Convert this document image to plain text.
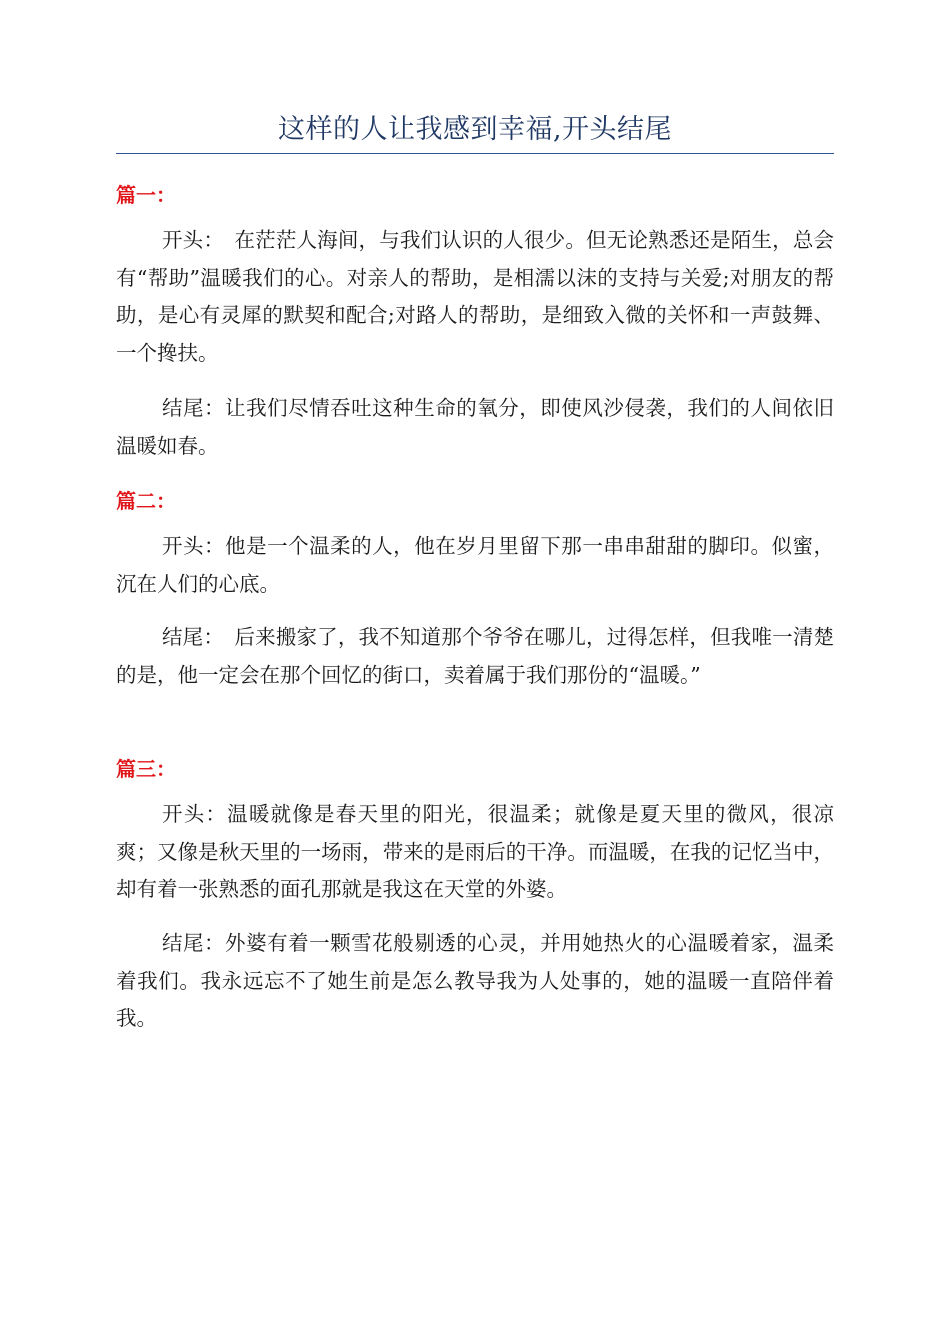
这样的人让我感到幸福,开头结尾
篇一：
开头：　在茫茫人海间，与我们认识的人很少。但无论熟悉还是陌生，总会有“帮助”温暖我们的心。对亲人的帮助，是相濡以沫的支持与关爱;对朋友的帮助，是心有灵犀的默契和配合;对路人的帮助，是细致入微的关怀和一声鼓舞、一个搀扶。
结尾：让我们尽情吞吐这种生命的氧分，即使风沙侵袭，我们的人间依旧温暖如春。
篇二：
开头：他是一个温柔的人，他在岁月里留下那一串串甜甜的脚印。似蜜，沉在人们的心底。
结尾：　后来搬家了，我不知道那个爷爷在哪儿，过得怎样，但我唯一清楚的是，他一定会在那个回忆的街口，卖着属于我们那份的“温暖。”
篇三：
开头：温暖就像是春天里的阳光，很温柔；就像是夏天里的微风，很凉爽；又像是秋天里的一场雨，带来的是雨后的干净。而温暖，在我的记忆当中，却有着一张熟悉的面孔那就是我这在天堂的外婆。
结尾：外婆有着一颗雪花般剔透的心灵，并用她热火的心温暖着家，温柔着我们。我永远忘不了她生前是怎么教导我为人处事的，她的温暖一直陪伴着我。
